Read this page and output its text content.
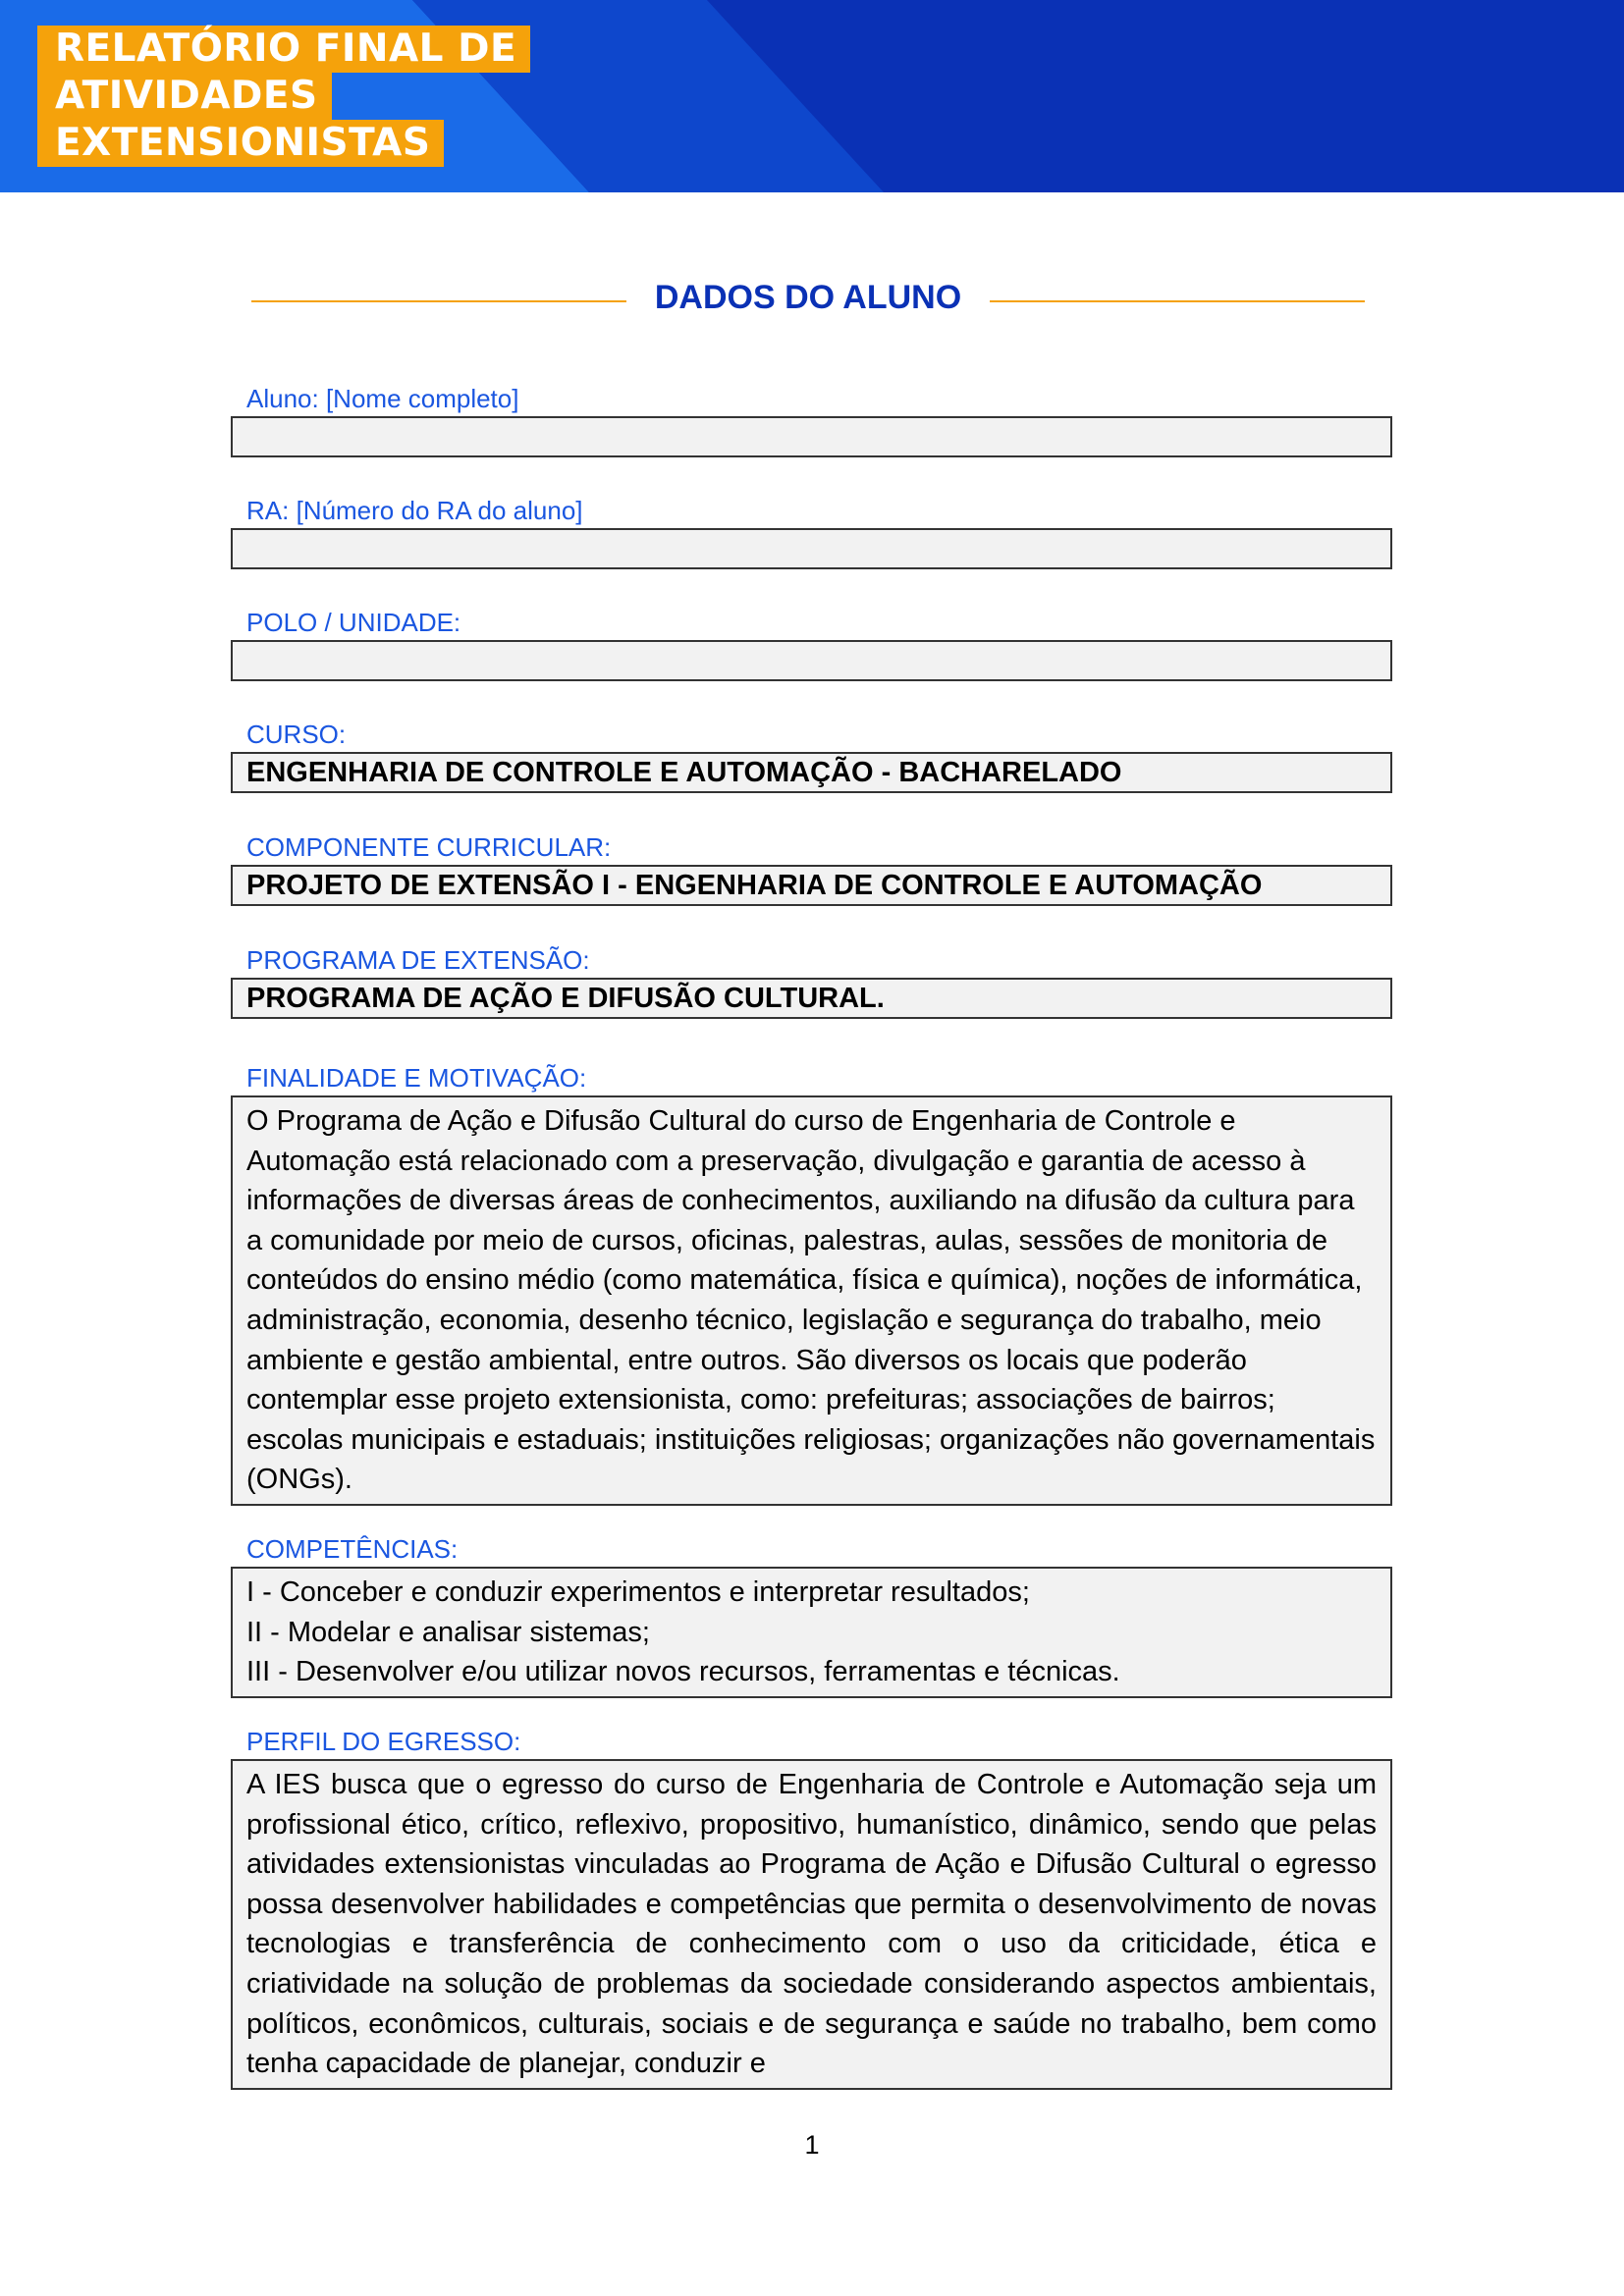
RELATÓRIO FINAL DE
ATIVIDADES
EXTENSIONISTAS
DADOS DO ALUNO
Aluno: [Nome completo]
RA: [Número do RA do aluno]
POLO / UNIDADE:
CURSO:
ENGENHARIA DE CONTROLE E AUTOMAÇÃO - BACHARELADO
COMPONENTE CURRICULAR:
PROJETO DE EXTENSÃO I - ENGENHARIA DE CONTROLE E AUTOMAÇÃO
PROGRAMA DE EXTENSÃO:
PROGRAMA DE AÇÃO E DIFUSÃO CULTURAL.
FINALIDADE E MOTIVAÇÃO:
O Programa de Ação e Difusão Cultural do curso de Engenharia de Controle e Automação está relacionado com a preservação, divulgação e garantia de acesso à informações de diversas áreas de conhecimentos, auxiliando na difusão da cultura para a comunidade por meio de cursos, oficinas, palestras, aulas, sessões de monitoria de conteúdos do ensino médio (como matemática, física e química), noções de informática, administração, economia, desenho técnico, legislação e segurança do trabalho, meio ambiente e gestão ambiental, entre outros. São diversos os locais que poderão contemplar esse projeto extensionista, como: prefeituras; associações de bairros; escolas municipais e estaduais; instituições religiosas; organizações não governamentais (ONGs).
COMPETÊNCIAS:
I - Conceber e conduzir experimentos e interpretar resultados;
II - Modelar e analisar sistemas;
III - Desenvolver e/ou utilizar novos recursos, ferramentas e técnicas.
PERFIL DO EGRESSO:
A IES busca que o egresso do curso de Engenharia de Controle e Automação seja um profissional ético, crítico, reflexivo, propositivo, humanístico, dinâmico, sendo que pelas atividades extensionistas vinculadas ao Programa de Ação e Difusão Cultural o egresso possa desenvolver habilidades e competências que permita o desenvolvimento de novas tecnologias e transferência de conhecimento com o uso da criticidade, ética e criatividade na solução de problemas da sociedade considerando aspectos ambientais, políticos, econômicos, culturais, sociais e de segurança e saúde no trabalho, bem como tenha capacidade de planejar, conduzir e
1
